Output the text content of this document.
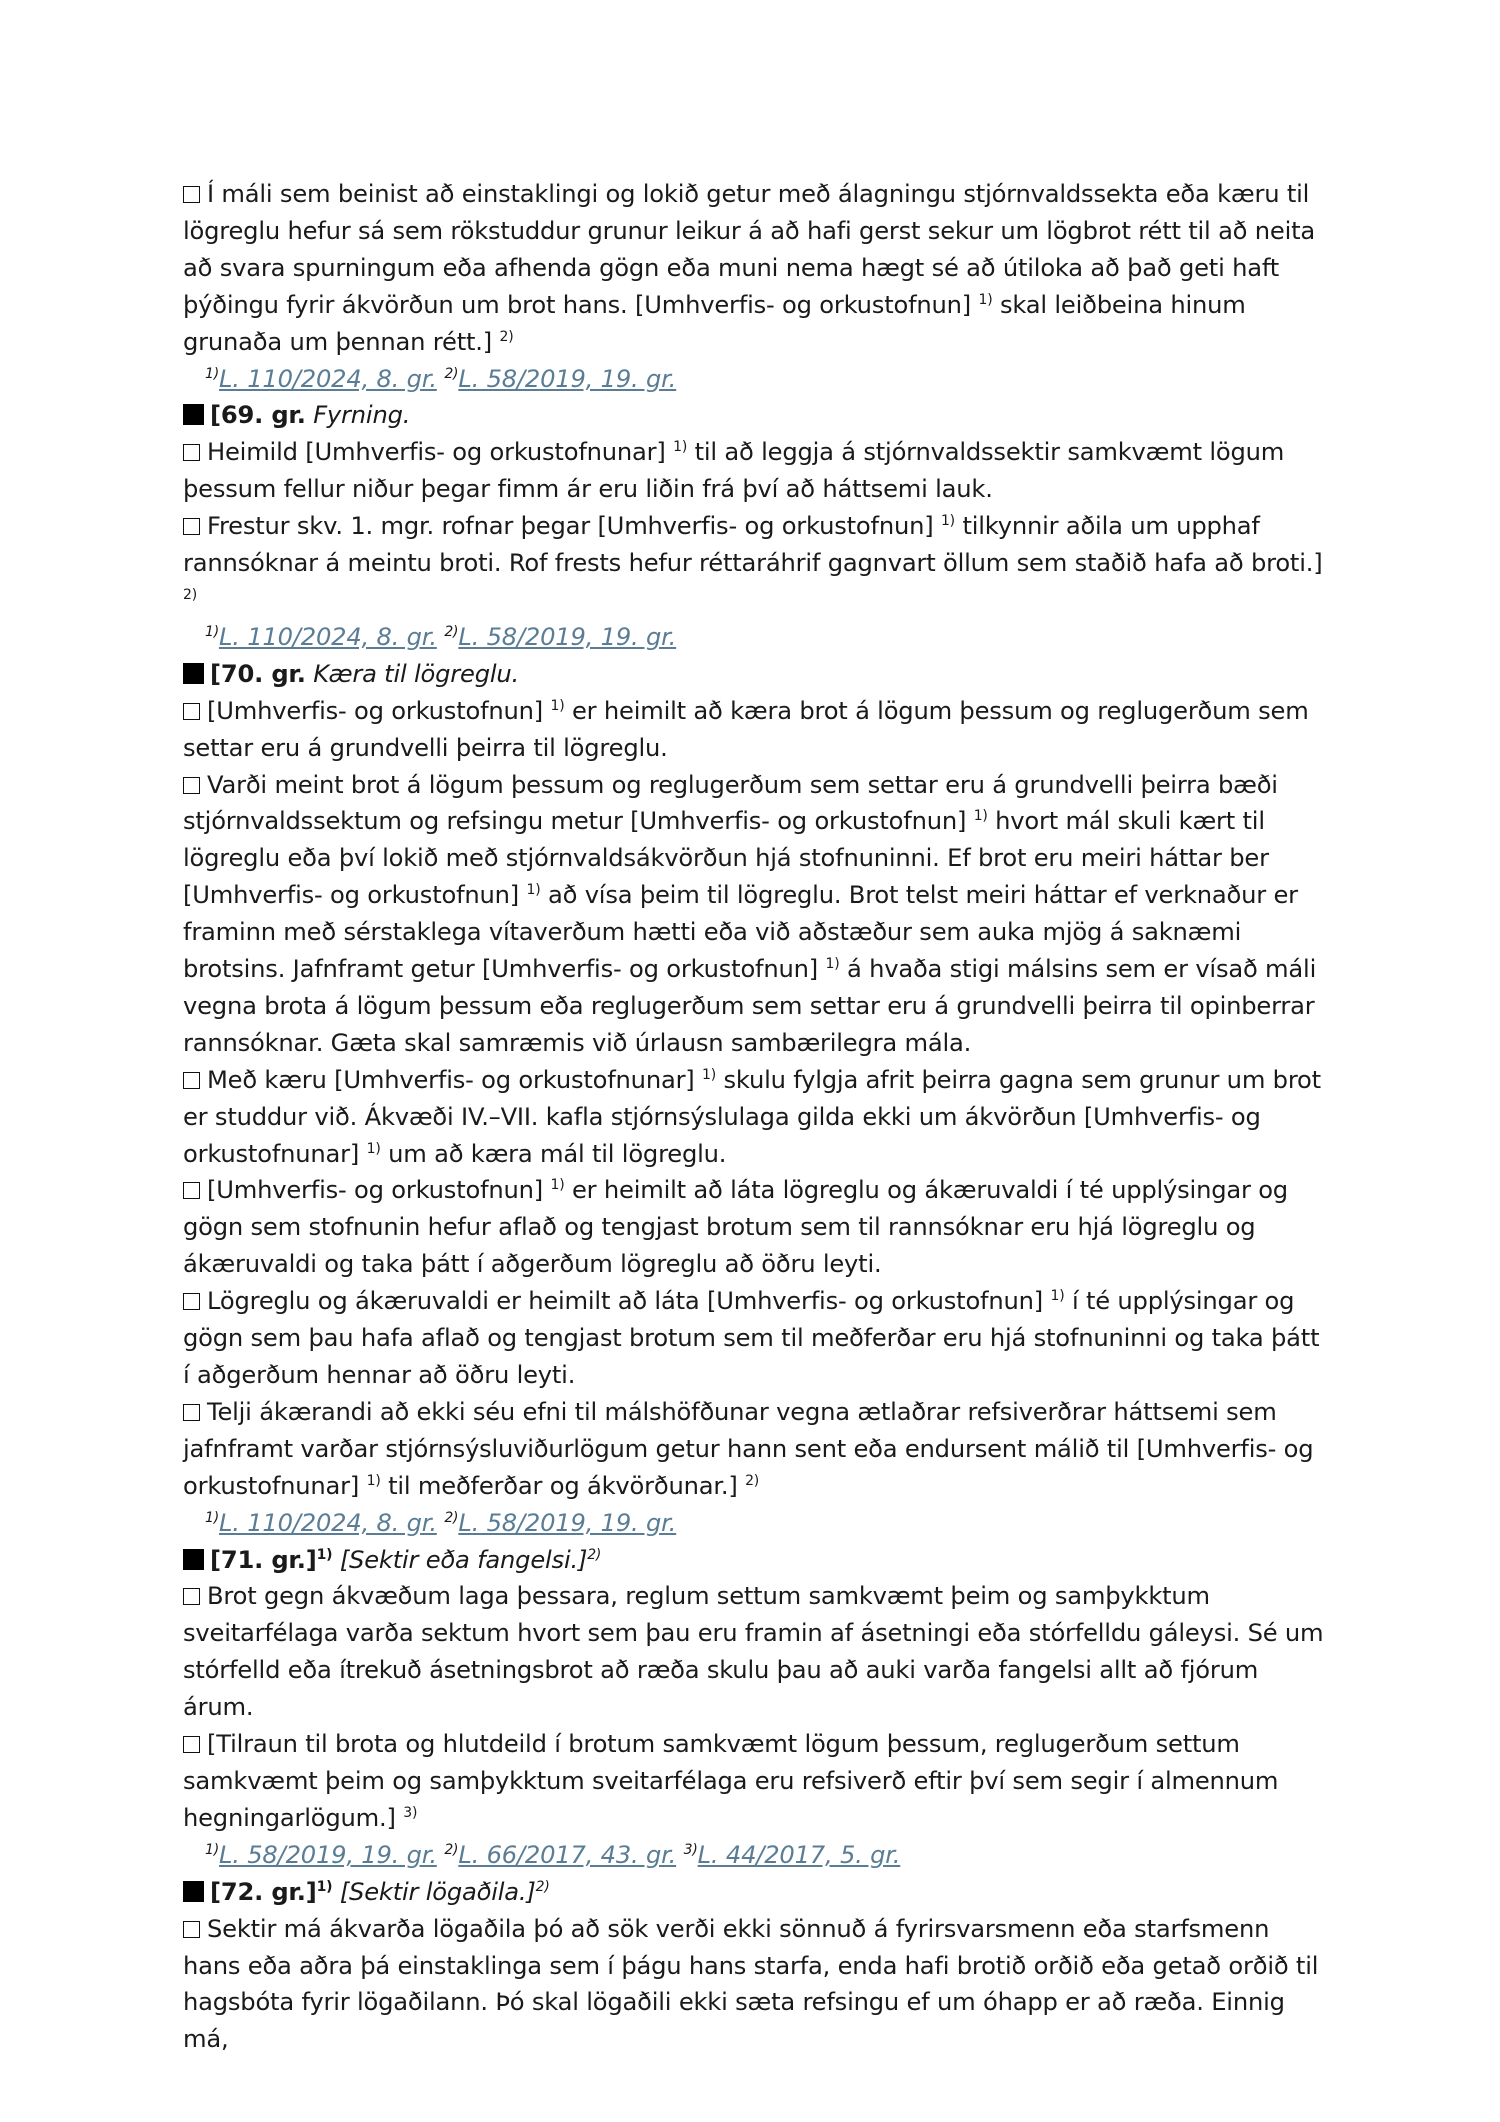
Í máli sem beinist að einstaklingi og lokið getur með álagningu stjórnvaldssekta eða kæru til lögreglu hefur sá sem rökstuddur grunur leikur á að hafi gerst sekur um lögbrot rétt til að neita að svara spurningum eða afhenda gögn eða muni nema hægt sé að útiloka að það geti haft þýðingu fyrir ákvörðun um brot hans. [Umhverfis- og orkustofnun] $^{1)}$ skal leiðbeina hinum grunaða um þennan rétt.] $^{2)}$
$^{1)}$L. 110/2024, 8. gr. $^{2)}$L. 58/2019, 19. gr.
[69. gr. Fyrning.
Heimild [Umhverfis- og orkustofnunar] $^{1)}$ til að leggja á stjórnvaldssektir samkvæmt lögum þessum fellur niður þegar fimm ár eru liðin frá því að háttsemi lauk.
Frestur skv. 1. mgr. rofnar þegar [Umhverfis- og orkustofnun] $^{1)}$ tilkynnir aðila um upphaf rannsóknar á meintu broti. Rof frests hefur réttaráhrif gagnvart öllum sem staðið hafa að broti.] $^{2)}$
$^{1)}$L. 110/2024, 8. gr. $^{2)}$L. 58/2019, 19. gr.
[70. gr. Kæra til lögreglu.
[Umhverfis- og orkustofnun] $^{1)}$ er heimilt að kæra brot á lögum þessum og reglugerðum sem settar eru á grundvelli þeirra til lögreglu.
Varði meint brot á lögum þessum og reglugerðum sem settar eru á grundvelli þeirra bæði stjórnvaldssektum og refsingu metur [Umhverfis- og orkustofnun] $^{1)}$ hvort mál skuli kært til lögreglu eða því lokið með stjórnvaldsákvörðun hjá stofnuninni. Ef brot eru meiri háttar ber [Umhverfis- og orkustofnun] $^{1)}$ að vísa þeim til lögreglu. Brot telst meiri háttar ef verknaður er framinn með sérstaklega vítaverðum hætti eða við aðstæður sem auka mjög á saknæmi brotsins. Jafnframt getur [Umhverfis- og orkustofnun] $^{1)}$ á hvaða stigi málsins sem er vísað máli vegna brota á lögum þessum eða reglugerðum sem settar eru á grundvelli þeirra til opinberrar rannsóknar. Gæta skal samræmis við úrlausn sambærilegra mála.
Með kæru [Umhverfis- og orkustofnunar] $^{1)}$ skulu fylgja afrit þeirra gagna sem grunur um brot er studdur við. Ákvæði IV.–VII. kafla stjórnsýslulaga gilda ekki um ákvörðun [Umhverfis- og orkustofnunar] $^{1)}$ um að kæra mál til lögreglu.
[Umhverfis- og orkustofnun] $^{1)}$ er heimilt að láta lögreglu og ákæruvaldi í té upplýsingar og gögn sem stofnunin hefur aflað og tengjast brotum sem til rannsóknar eru hjá lögreglu og ákæruvaldi og taka þátt í aðgerðum lögreglu að öðru leyti.
Lögreglu og ákæruvaldi er heimilt að láta [Umhverfis- og orkustofnun] $^{1)}$ í té upplýsingar og gögn sem þau hafa aflað og tengjast brotum sem til meðferðar eru hjá stofnuninni og taka þátt í aðgerðum hennar að öðru leyti.
Telji ákærandi að ekki séu efni til málshöfðunar vegna ætlaðrar refsiverðrar háttsemi sem jafnframt varðar stjórnsýsluviðurlögum getur hann sent eða endursent málið til [Umhverfis- og orkustofnunar] $^{1)}$ til meðferðar og ákvörðunar.] $^{2)}$
$^{1)}$L. 110/2024, 8. gr. $^{2)}$L. 58/2019, 19. gr.
[71. gr.]$^{1)}$ [Sektir eða fangelsi.]$^{2)}$
Brot gegn ákvæðum laga þessara, reglum settum samkvæmt þeim og samþykktum sveitarfélaga varða sektum hvort sem þau eru framin af ásetningi eða stórfelldu gáleysi. Sé um stórfelld eða ítrekuð ásetningsbrot að ræða skulu þau að auki varða fangelsi allt að fjórum árum.
[Tilraun til brota og hlutdeild í brotum samkvæmt lögum þessum, reglugerðum settum samkvæmt þeim og samþykktum sveitarfélaga eru refsiverð eftir því sem segir í almennum hegningarlögum.] $^{3)}$
$^{1)}$L. 58/2019, 19. gr. $^{2)}$L. 66/2017, 43. gr. $^{3)}$L. 44/2017, 5. gr.
[72. gr.]$^{1)}$ [Sektir lögaðila.]$^{2)}$
Sektir má ákvarða lögaðila þó að sök verði ekki sönnuð á fyrirsvarsmenn eða starfsmenn hans eða aðra þá einstaklinga sem í þágu hans starfa, enda hafi brotið orðið eða getað orðið til hagsbóta fyrir lögaðilann. Þó skal lögaðili ekki sæta refsingu ef um óhapp er að ræða. Einnig má,
